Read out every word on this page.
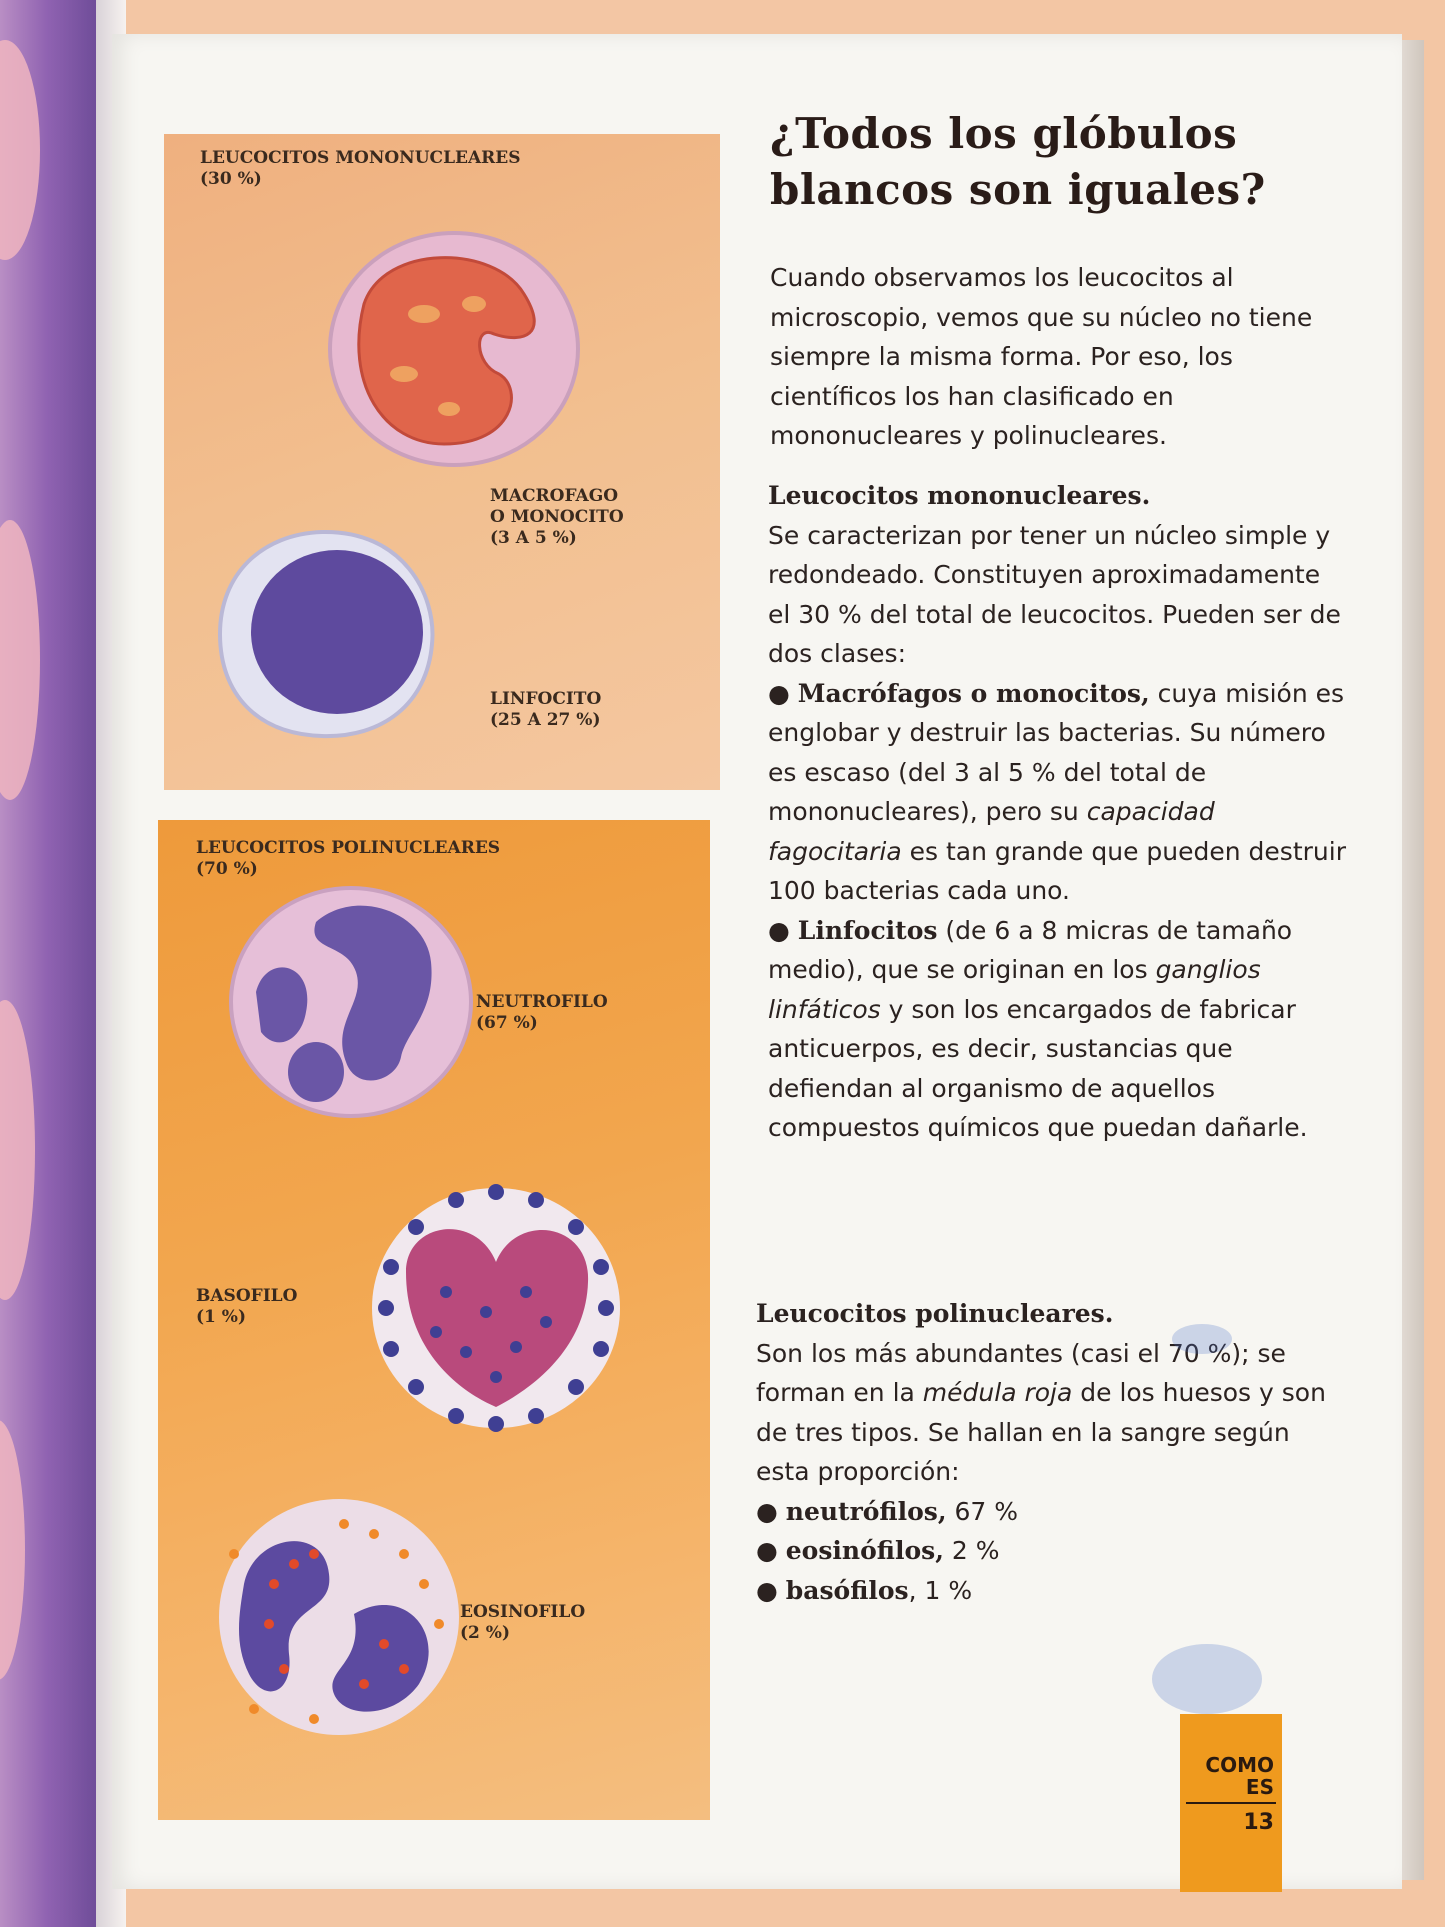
LEUCOCITOS MONONUCLEARES
(30 %)
MACROFAGO
O MONOCITO
(3 A 5 %)
LINFOCITO
(25 A 27 %)
LEUCOCITOS POLINUCLEARES
(70 %)
NEUTROFILO
(67 %)
BASOFILO
(1 %)
EOSINOFILO
(2 %)
¿Todos los glóbulos
blancos son iguales?
Cuando observamos los leucocitos al microscopio, vemos que su núcleo no tiene siempre la misma forma. Por eso, los científicos los han clasificado en mononucleares y polinucleares.
Leucocitos mononucleares.
Se caracterizan por tener un núcleo simple y redondeado. Constituyen aproximadamente el 30 % del total de leucocitos. Pueden ser de dos clases:
● Macrófagos o monocitos, cuya misión es englobar y destruir las bacterias. Su número es escaso (del 3 al 5 % del total de mononucleares), pero su capacidad fagocitaria es tan grande que pueden destruir 100 bacterias cada uno.
● Linfocitos (de 6 a 8 micras de tamaño medio), que se originan en los ganglios linfáticos y son los encargados de fabricar anticuerpos, es decir, sustancias que defiendan al organismo de aquellos compuestos químicos que puedan dañarle.
Leucocitos polinucleares.
Son los más abundantes (casi el 70 %); se forman en la médula roja de los huesos y son de tres tipos. Se hallan en la sangre según esta proporción:
● neutrófilos, 67 %
● eosinófilos, 2 %
● basófilos, 1 %
COMO
ES
13
